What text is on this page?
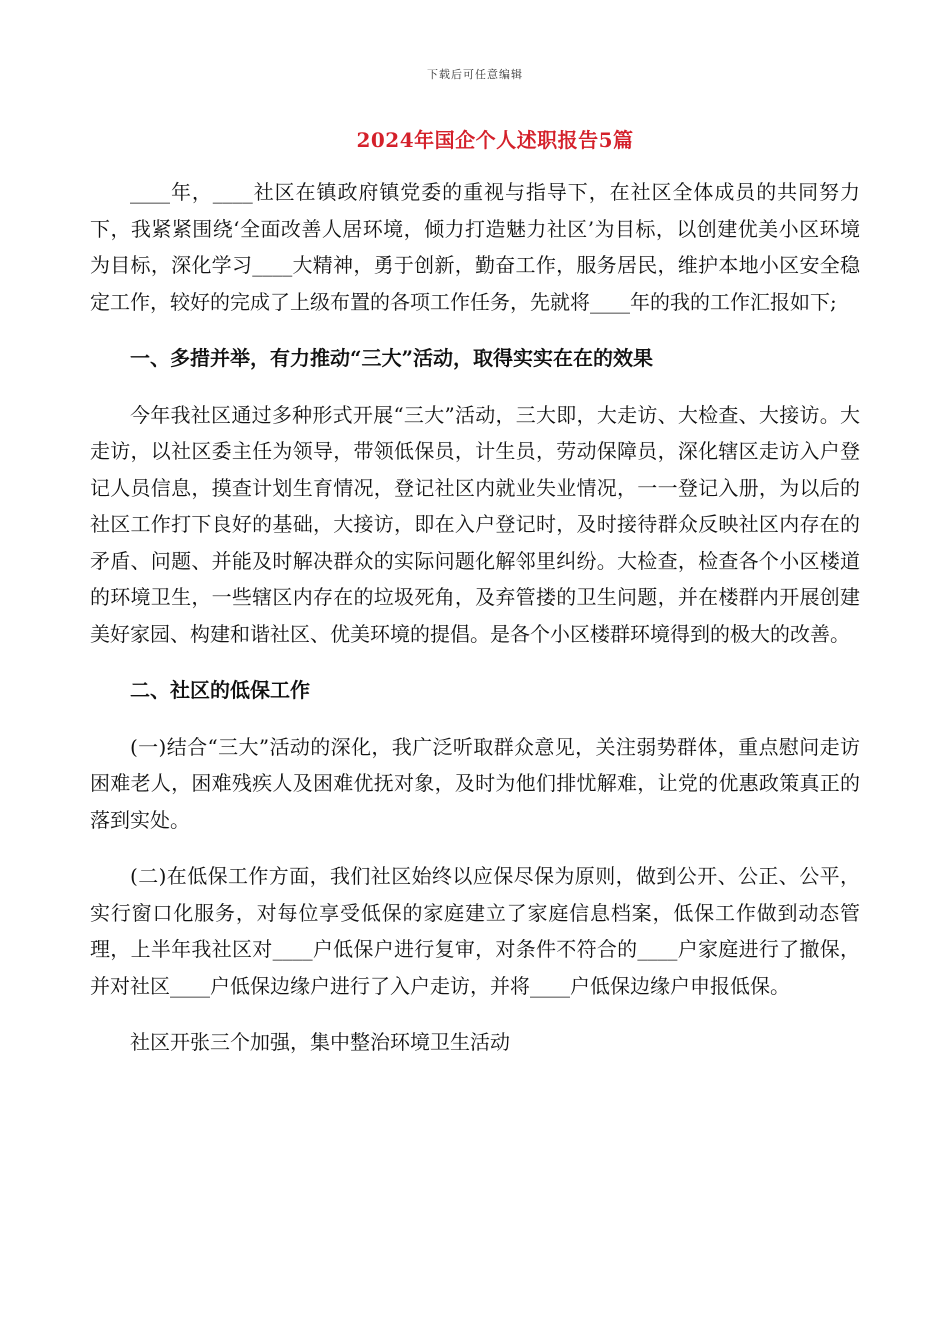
下载后可任意编辑
2024年国企个人述职报告5篇

____年，____社区在镇政府镇党委的重视与指导下，在社区全体成员的共同努力下，我紧紧围绕‘全面改善人居环境，倾力打造魅力社区’为目标，以创建优美小区环境为目标，深化学习____大精神，勇于创新，勤奋工作，服务居民，维护本地小区安全稳定工作，较好的完成了上级布置的各项工作任务，先就将____年的我的工作汇报如下;

一、多措并举，有力推动“三大”活动，取得实实在在的效果

今年我社区通过多种形式开展“三大”活动，三大即，大走访、大检查、大接访。大走访，以社区委主任为领导，带领低保员，计生员，劳动保障员，深化辖区走访入户登记人员信息，摸查计划生育情况，登记社区内就业失业情况，一一登记入册，为以后的社区工作打下良好的基础，大接访，即在入户登记时，及时接待群众反映社区内存在的矛盾、问题、并能及时解决群众的实际问题化解邻里纠纷。大检查，检查各个小区楼道的环境卫生，一些辖区内存在的垃圾死角，及弃管搂的卫生问题，并在楼群内开展创建美好家园、构建和谐社区、优美环境的提倡。是各个小区楼群环境得到的极大的改善。

二、社区的低保工作

(一)结合“三大”活动的深化，我广泛听取群众意见，关注弱势群体，重点慰问走访困难老人，困难残疾人及困难优抚对象，及时为他们排忧解难，让党的优惠政策真正的落到实处。

(二)在低保工作方面，我们社区始终以应保尽保为原则，做到公开、公正、公平，实行窗口化服务，对每位享受低保的家庭建立了家庭信息档案，低保工作做到动态管理，上半年我社区对____户低保户进行复审，对条件不符合的____户家庭进行了撤保，并对社区____户低保边缘户进行了入户走访，并将____户低保边缘户申报低保。

社区开张三个加强，集中整治环境卫生活动
